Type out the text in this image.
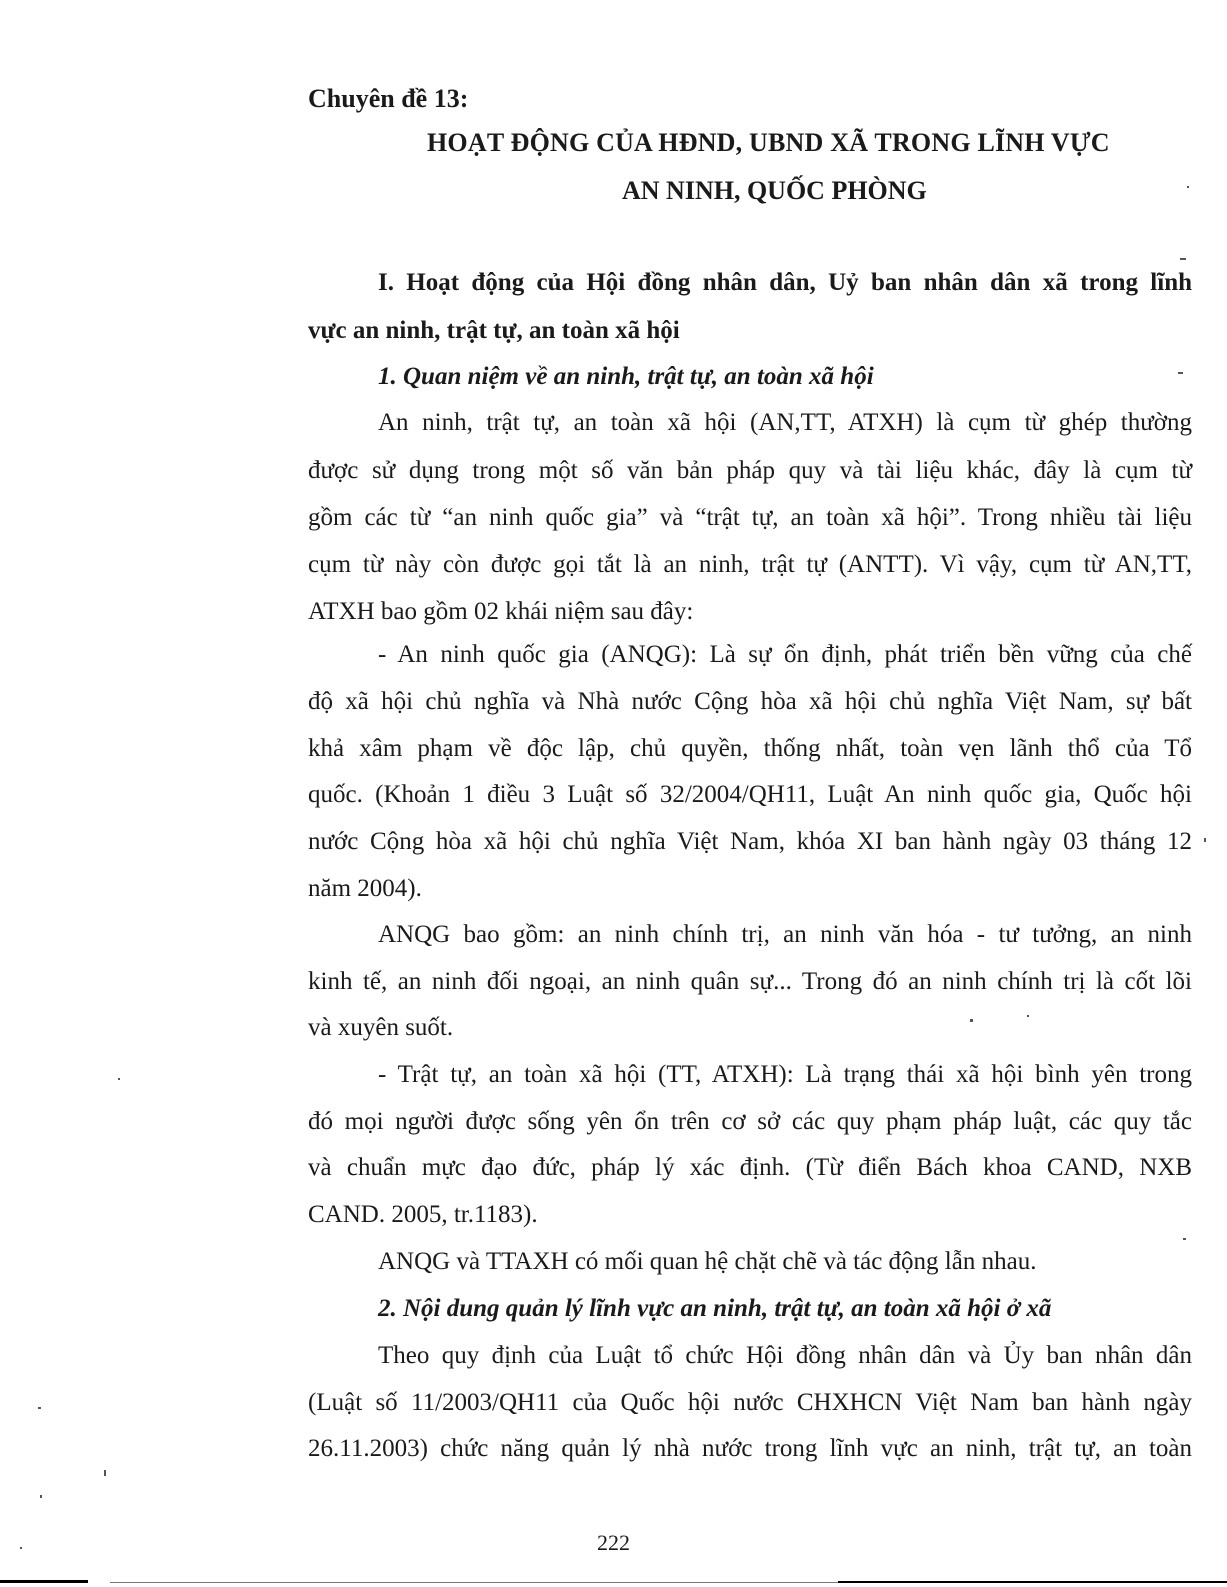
Chuyên đề 13:
HOẠT ĐỘNG CỦA HĐND, UBND XÃ TRONG LĨNH VỰC
AN NINH, QUỐC PHÒNG
I. Hoạt động của Hội đồng nhân dân, Uỷ ban nhân dân xã trong lĩnh
vực an ninh, trật tự, an toàn xã hội
1. Quan niệm về an ninh, trật tự, an toàn xã hội
An ninh, trật tự, an toàn xã hội (AN,TT, ATXH) là cụm từ ghép thường
được sử dụng trong một số văn bản pháp quy và tài liệu khác, đây là cụm từ
gồm các từ “an ninh quốc gia” và “trật tự, an toàn xã hội”. Trong nhiều tài liệu
cụm từ này còn được gọi tắt là an ninh, trật tự (ANTT). Vì vậy, cụm từ AN,TT,
ATXH bao gồm 02 khái niệm sau đây:
- An ninh quốc gia (ANQG): Là sự ổn định, phát triển bền vững của chế
độ xã hội chủ nghĩa và Nhà nước Cộng hòa xã hội chủ nghĩa Việt Nam, sự bất
khả xâm phạm về độc lập, chủ quyền, thống nhất, toàn vẹn lãnh thổ của Tổ
quốc. (Khoản 1 điều 3 Luật số 32/2004/QH11, Luật An ninh quốc gia, Quốc hội
nước Cộng hòa xã hội chủ nghĩa Việt Nam, khóa XI ban hành ngày 03 tháng 12
năm 2004).
ANQG bao gồm: an ninh chính trị, an ninh văn hóa - tư tưởng, an ninh
kinh tế, an ninh đối ngoại, an ninh quân sự... Trong đó an ninh chính trị là cốt lõi
và xuyên suốt.
- Trật tự, an toàn xã hội (TT, ATXH): Là trạng thái xã hội bình yên trong
đó mọi người được sống yên ổn trên cơ sở các quy phạm pháp luật, các quy tắc
và chuẩn mực đạo đức, pháp lý xác định. (Từ điển Bách khoa CAND, NXB
CAND. 2005, tr.1183).
ANQG và TTAXH có mối quan hệ chặt chẽ và tác động lẫn nhau.
2. Nội dung quản lý lĩnh vực an ninh, trật tự, an toàn xã hội ở xã
Theo quy định của Luật tổ chức Hội đồng nhân dân và Ủy ban nhân dân
(Luật số 11/2003/QH11 của Quốc hội nước CHXHCN Việt Nam ban hành ngày
26.11.2003) chức năng quản lý nhà nước trong lĩnh vực an ninh, trật tự, an toàn
222
